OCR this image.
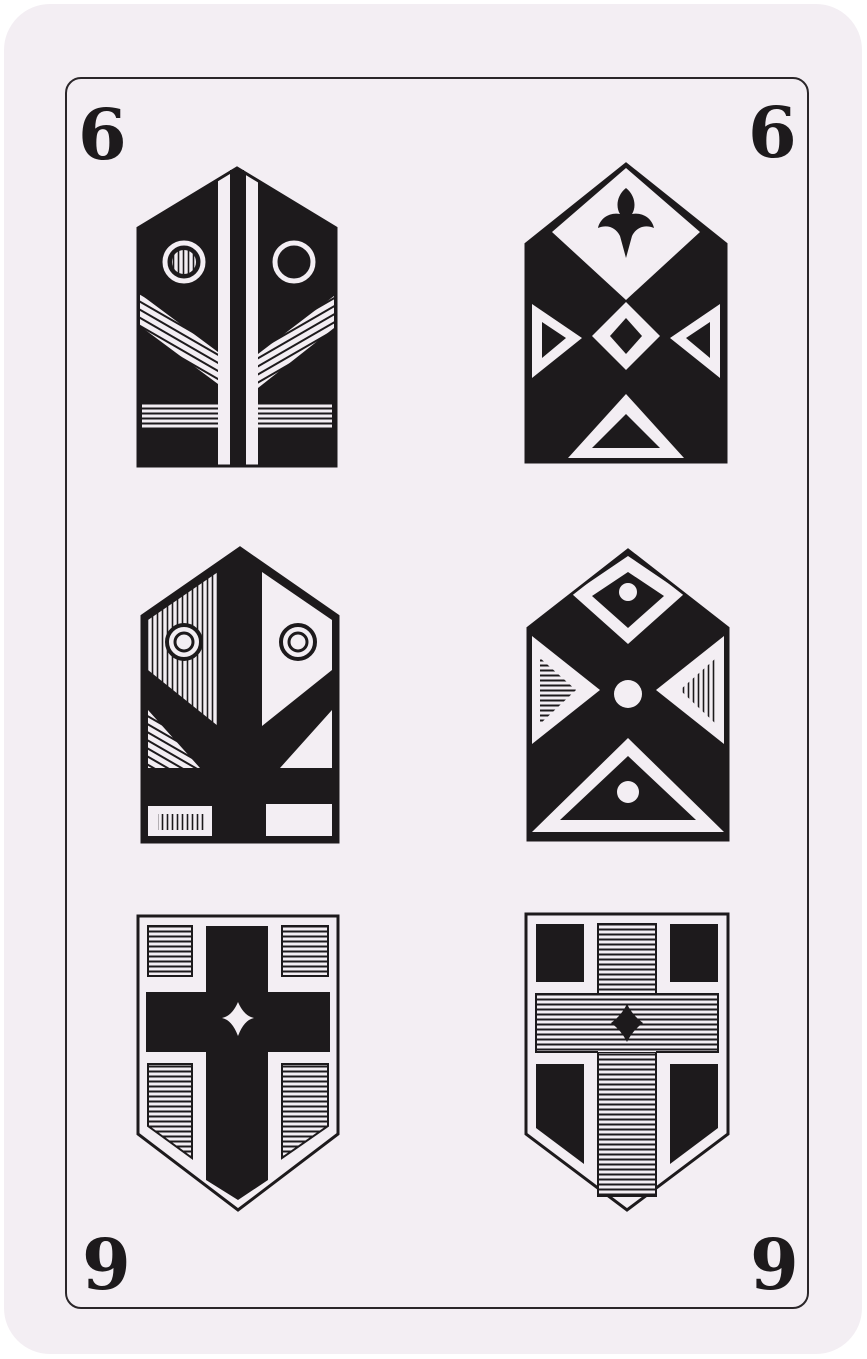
6	6
9	9
